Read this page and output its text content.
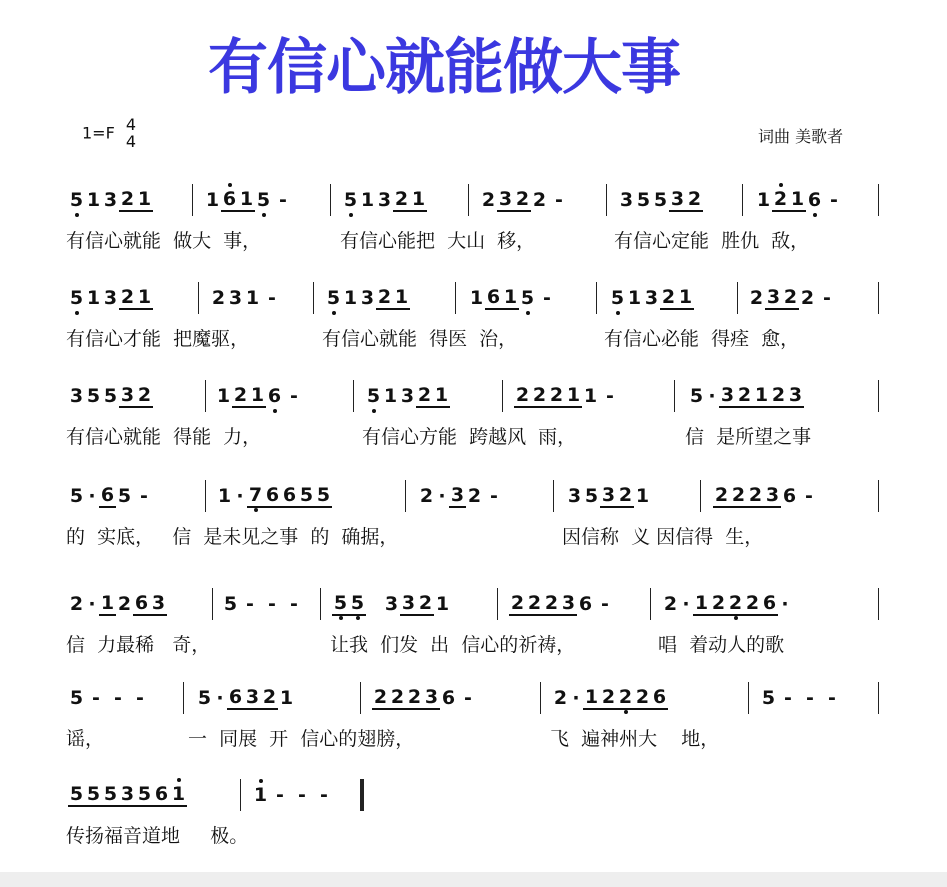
有信心就能做大事
1=F 4
4	词曲 美歌者
5 1 3 2 1	1 6 1 5 -	5 1 3 2 1	2 3 2 2 -	3 5 5 3 2	1 2 1 6 -
有信心就能  做大  事，	有信心能把  大山  移，	有信心定能  胜仇  敌，
5 1 3 2 1	2 3 1 -	5 1 3 2 1	1 6 1 5 -	5 1 3 2 1	2 3 2 2 -
有信心才能  把魔驱，	有信心就能  得医  治，	有信心必能  得痊  愈，
3 5 5 3 2	1 2 1 6 -	5 1 3 2 1	2 2 2 1 1 -	5 · 3 2 1 2 3
有信心就能  得能  力，	有信心方能  跨越风  雨，	信  是所望之事
5 · 6 5 -	1 · 7 6 6 5 5	2 · 3 2 -	3 5 3 2 1	2 2 2 3 6 -
的  实底，   信  是未见之事  的  确据，	因信称  义 因信得  生，
2 · 1 2 6 3	5 - - -	5 5 3 3 2 1	2 2 2 3 6 -	2 · 1 2 2 2 6 ·
信  力最稀   奇，	让我  们发  出  信心的祈祷，	唱  着动人的歌
5 - - -	5 · 6 3 2 1	2 2 2 3 6 -	2 · 1 2 2 2 6	5 - - -
谣，	一  同展  开  信心的翅膀，	飞  遍神州大    地，
5 5 5 3 5 6 1	1 - - -
传扬福音道地     极。
